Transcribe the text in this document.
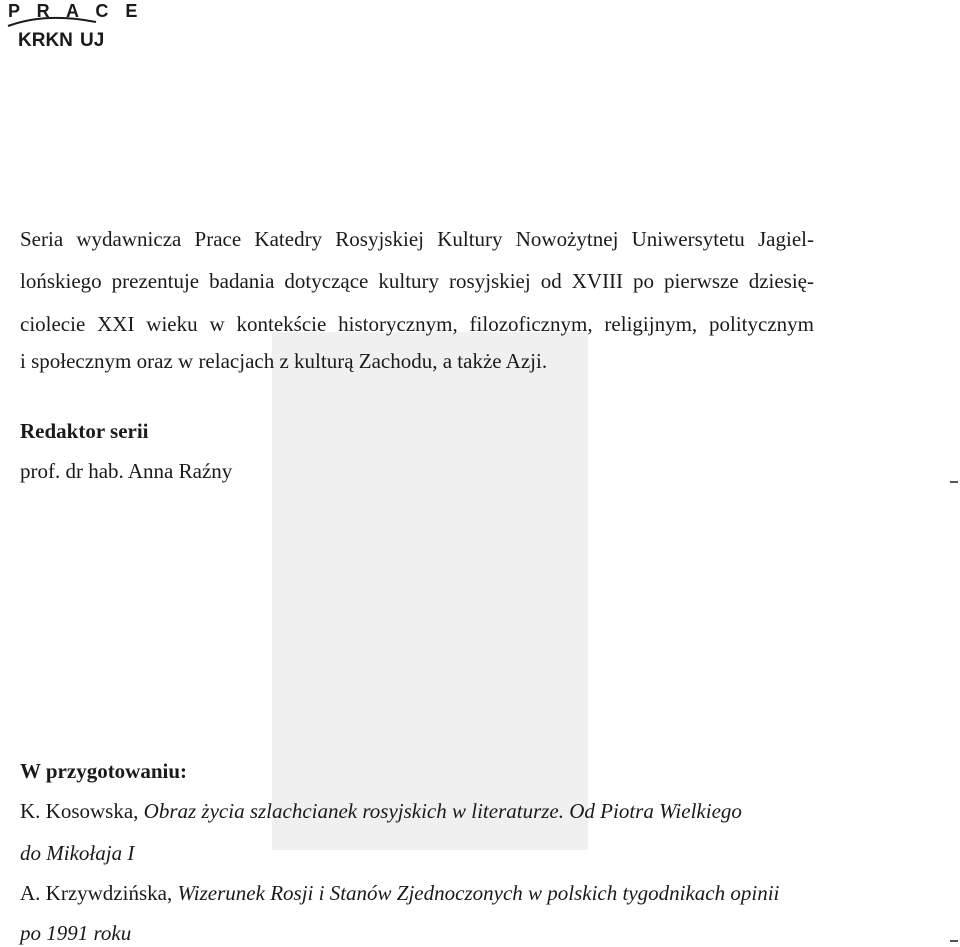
P R A C E
KRKN UJ
Seria wydawnicza Prace Katedry Rosyjskiej Kultury Nowożytnej Uniwersytetu Jagiel-
lońskiego prezentuje badania dotyczące kultury rosyjskiej od XVIII po pierwsze dziesię-
ciolecie XXI wieku w kontekście historycznym, filozoficznym, religijnym, politycznym
i społecznym oraz w relacjach z kulturą Zachodu, a także Azji.
Redaktor serii
prof. dr hab. Anna Raźny
W przygotowaniu:
K. Kosowska, Obraz życia szlachcianek rosyjskich w literaturze. Od Piotra Wielkiego
do Mikołaja I
A. Krzywdzińska, Wizerunek Rosji i Stanów Zjednoczonych w polskich tygodnikach opinii
po 1991 roku
